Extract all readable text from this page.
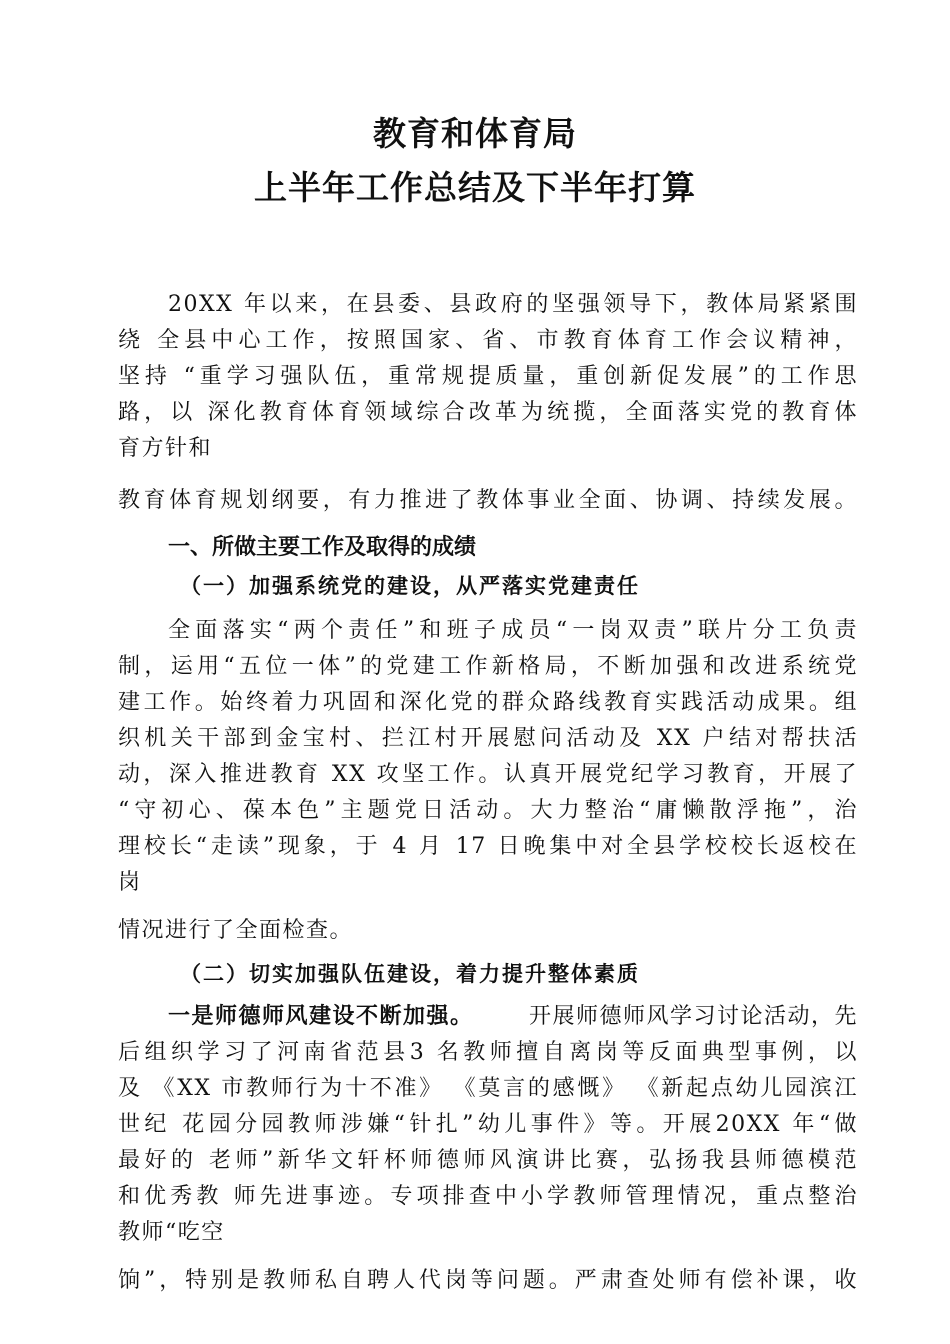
教育和体育局
上半年工作总结及下半年打算
20XX 年以来，在县委、县政府的坚强领导下，教体局紧紧围
绕 全县中心工作，按照国家、省、市教育体育工作会议精神，
坚持 “重学习强队伍，重常规提质量，重创新促发展”的工作思
路，以 深化教育体育领域综合改革为统揽，全面落实党的教育体
育方针和
教育体育规划纲要，有力推进了教体事业全面、协调、持续发展。
一、所做主要工作及取得的成绩
（一）加强系统党的建设，从严落实党建责任
全面落实“两个责任”和班子成员“一岗双责”联片分工负责
制，运用“五位一体”的党建工作新格局，不断加强和改进系统党
建工作。始终着力巩固和深化党的群众路线教育实践活动成果。组
织机关干部到金宝村、拦江村开展慰问活动及 XX 户结对帮扶活
动，深入推进教育 XX 攻坚工作。认真开展党纪学习教育，开展了
“守初心、葆本色”主题党日活动。大力整治“庸懒散浮拖”，治
理校长“走读”现象，于 4 月 17 日晚集中对全县学校校长返校在
岗
情况进行了全面检查。
（二）切实加强队伍建设，着力提升整体素质
一是师德师风建设不断加强。	开展师德师风学习讨论活动，先
后组织学习了河南省范县3 名教师擅自离岗等反面典型事例，以
及 《XX 市教师行为十不准》 《莫言的感慨》 《新起点幼儿园滨江
世纪 花园分园教师涉嫌“针扎”幼儿事件》等。开展20XX 年“做
最好的 老师”新华文轩杯师德师风演讲比赛，弘扬我县师德模范
和优秀教 师先进事迹。专项排查中小学教师管理情况，重点整治
教师“吃空
饷”，特别是教师私自聘人代岗等问题。严肃查处师有偿补课，收
